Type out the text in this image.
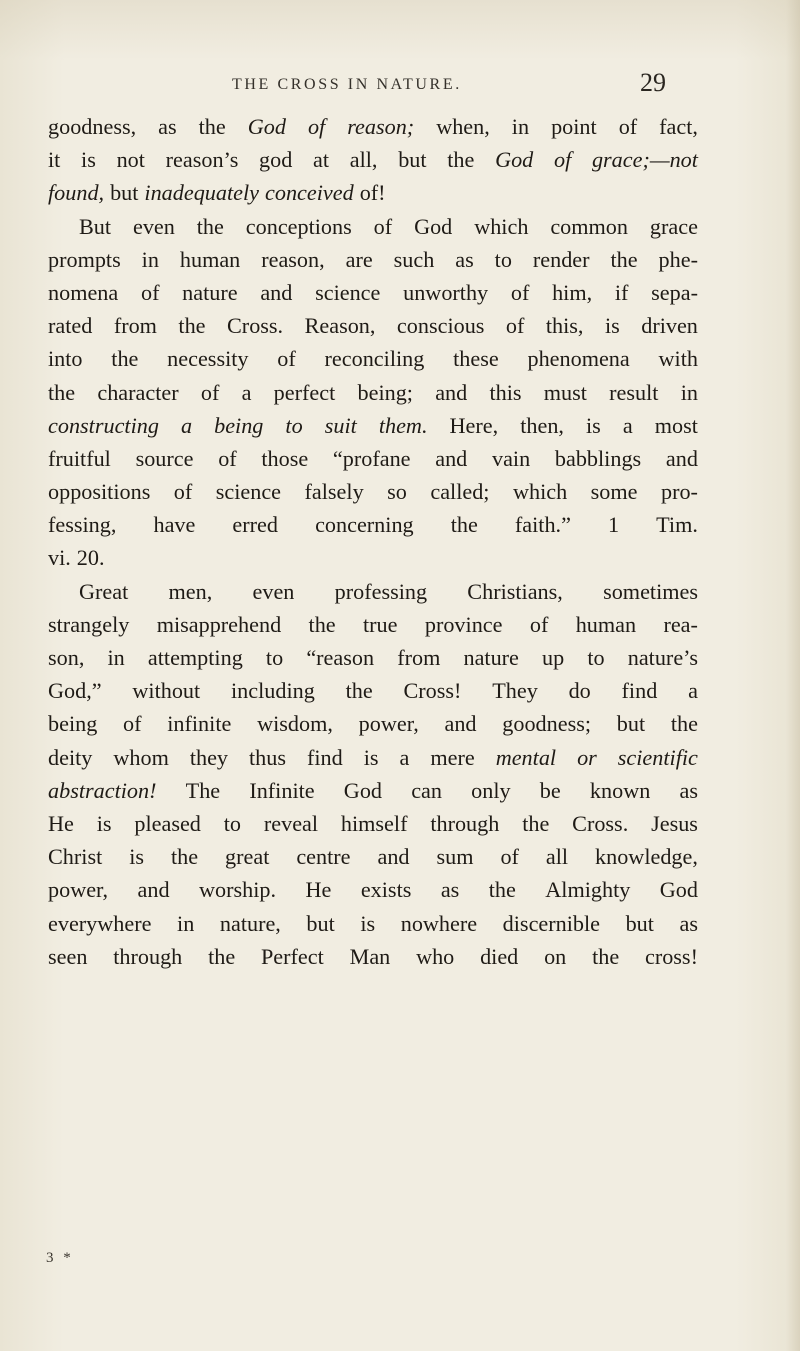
THE CROSS IN NATURE.	29
goodness, as the God of reason; when, in point of fact,
it is not reason’s god at all, but the God of grace;—not
found, but inadequately conceived of!
But even the conceptions of God which common grace
prompts in human reason, are such as to render the phe-
nomena of nature and science unworthy of him, if sepa-
rated from the Cross. Reason, conscious of this, is driven
into the necessity of reconciling these phenomena with
the character of a perfect being; and this must result in
constructing a being to suit them. Here, then, is a most
fruitful source of those “profane and vain babblings and
oppositions of science falsely so called; which some pro-
fessing, have erred concerning the faith.” 1 Tim.
vi. 20.
Great men, even professing Christians, sometimes
strangely misapprehend the true province of human rea-
son, in attempting to “reason from nature up to nature’s
God,” without including the Cross! They do find a
being of infinite wisdom, power, and goodness; but the
deity whom they thus find is a mere mental or scientific
abstraction! The Infinite God can only be known as
He is pleased to reveal himself through the Cross. Jesus
Christ is the great centre and sum of all knowledge,
power, and worship. He exists as the Almighty God
everywhere in nature, but is nowhere discernible but as
seen through the Perfect Man who died on the cross!
3 *
